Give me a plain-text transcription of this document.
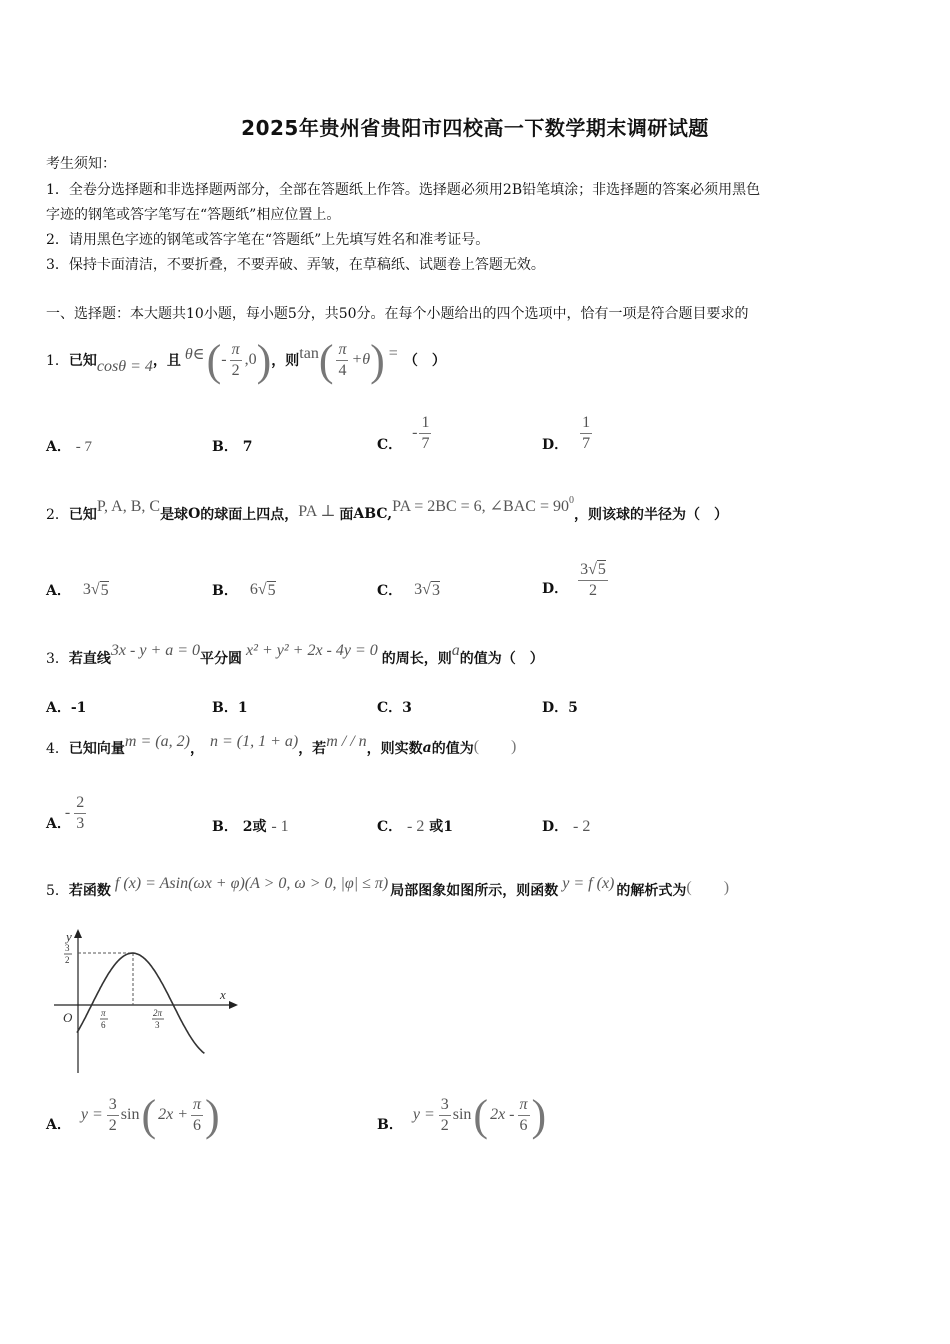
2025年贵州省贵阳市四校高一下数学期末调研试题
考生须知：
1．全卷分选择题和非选择题两部分，全部在答题纸上作答。选择题必须用2B铅笔填涂；非选择题的答案必须用黑色
字迹的钢笔或答字笔写在“答题纸”相应位置上。
2．请用黑色字迹的钢笔或答字笔在“答题纸”上先填写姓名和准考证号。
3．保持卡面清洁，不要折叠，不要弄破、弄皱，在草稿纸、试题卷上答题无效。
一、选择题：本大题共10小题，每小题5分，共50分。在每个小题给出的四个选项中，恰有一项是符合题目要求的
1． 已知 cosθ = 4 ，且 θ∈ ( - $\frac{\pi}{2} ,0$ ) ，则 tan ( $\frac{\pi}{4} +\theta$ ) = （　）
A． - 7	B． 7	C．
- $\frac{1}{7}$	D． $\frac{1}{7}$
2． 已知 P, A, B, C 是球 O 的球面上四点， PA ⊥ 面 ABC, PA = 2BC = 6, ∠BAC = 90 0
，则该球的半径为（　）
A． 3 √ 5	B． 6 √ 5	C． 3 √ 3	D． $\frac{3√5}{2}$
3． 若直线 3x - y + a = 0 平分圆 x² + y² + 2x - 4y = 0 的周长，则 a 的值为（　）
A．-1	B．1	C．3	D．5
4． 已知向量 m = (a, 2) ， n = (1, 1 + a) ，若 m / / n ，则实数 a 的值为 (　　)
A．
- $\frac{2}{3}$	B． 2或 - 1	C． - 2 或1	D． - 2
5． 若函数 f (x) = Asin(ωx + φ)(A > 0, ω > 0, |φ| ≤ π) 局部图象如图所示，则函数 y = f (x) 的解析式为 (　　)
y
x
O
3
2
π
6
2π
3
A．
$y = \frac{3}{2}$ sin ( $2x + \frac{\pi}{6}$ )	B．
$y = \frac{3}{2}$ sin ( $2x - \frac{\pi}{6}$ )
